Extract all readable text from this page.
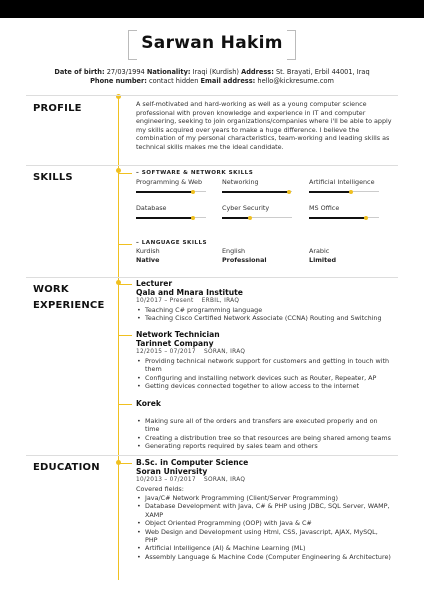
Sarwan Hakim
Date of birth: 27/03/1994 Nationality: Iraqi (Kurdish) Address: St. Brayati, Erbil 44001, Iraq
Phone number: contact hidden Email address: hello@kickresume.com
PROFILE	A self-motivated and hard-working as well as a young computer science professional with proven knowledge and experience in IT and computer engineering, seeking to join organizations/companies where i'll be able to apply my skills acquired over years to make a huge difference. I believe the combination of my personal characteristics, team-working and leading skills as technical skills makes me the ideal candidate.
SKILLS	– SOFTWARE & NETWORK SKILLS
Programming & Web	Networking	Artificial Intelligence
Database	Cyber Security	MS Office
– LANGUAGE SKILLS
Kurdish
Native
English
Professional
Arabic
Limited
WORK
EXPERIENCE
Lecturer
Qala and Mnara Institute
10/2017 – Present ERBIL, IRAQ
• Teaching C# programming language
• Teaching Cisco Certified Network Associate (CCNA) Routing and Switching
Network Technician
Tarinnet Company
12/2015 – 07/2017 SORAN, IRAQ
• Providing technical network support for customers and getting in touch with them
• Configuring and installing network devices such as Router, Repeater, AP
• Getting devices connected together to allow access to the internet
Korek
• Making sure all of the orders and transfers are executed properly and on time
• Creating a distribution tree so that resources are being shared among teams
• Generating reports required by sales team and others
EDUCATION	B.Sc. in Computer Science
Soran University
10/2013 – 07/2017 SORAN, IRAQ
Covered fields:
• Java/C# Network Programming (Client/Server Programming)
• Database Development with Java, C# & PHP using JDBC, SQL Server, WAMP, XAMP
• Object Oriented Programming (OOP) with Java & C#
• Web Design and Development using Html, CSS, Javascript, AJAX, MySQL, PHP
• Artificial Intelligence (AI) & Machine Learning (ML)
• Assembly Language & Machine Code (Computer Engineering & Architecture)
